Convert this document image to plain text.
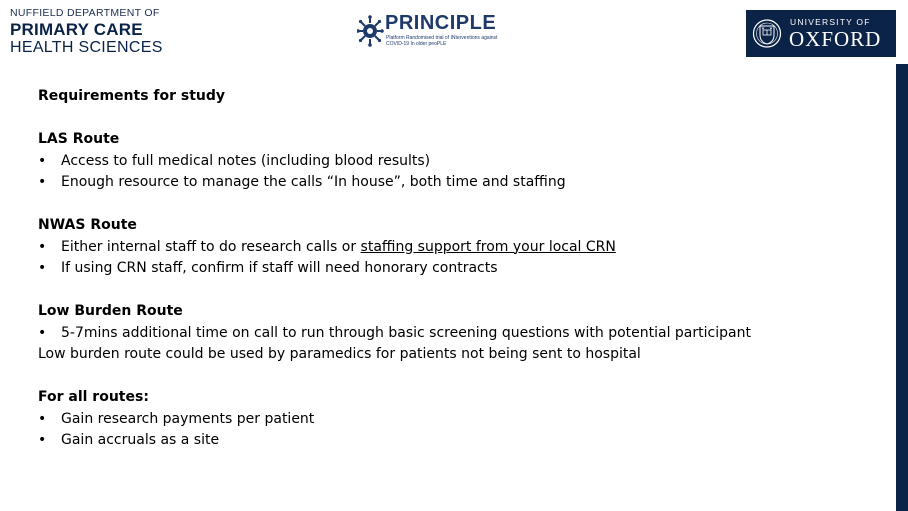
NUFFIELD DEPARTMENT OF
PRIMARY CARE
HEALTH SCIENCES
PRINCIPLE
Platform Randomised trial of INterventions against COVID-19 In older peoPLE
UNIVERSITY OF
OXFORD
Requirements for study
LAS Route
•	Access to full medical notes (including blood results)
•	Enough resource to manage the calls “In house”, both time and staffing
NWAS Route
•	Either internal staff to do research calls or staffing support from your local CRN
•	If using CRN staff, confirm if staff will need honorary contracts
Low Burden Route
•	5-7mins additional time on call to run through basic screening questions with potential participant
Low burden route could be used by paramedics for patients not being sent to hospital
For all routes:
•	Gain research payments per patient
•	Gain accruals as a site
